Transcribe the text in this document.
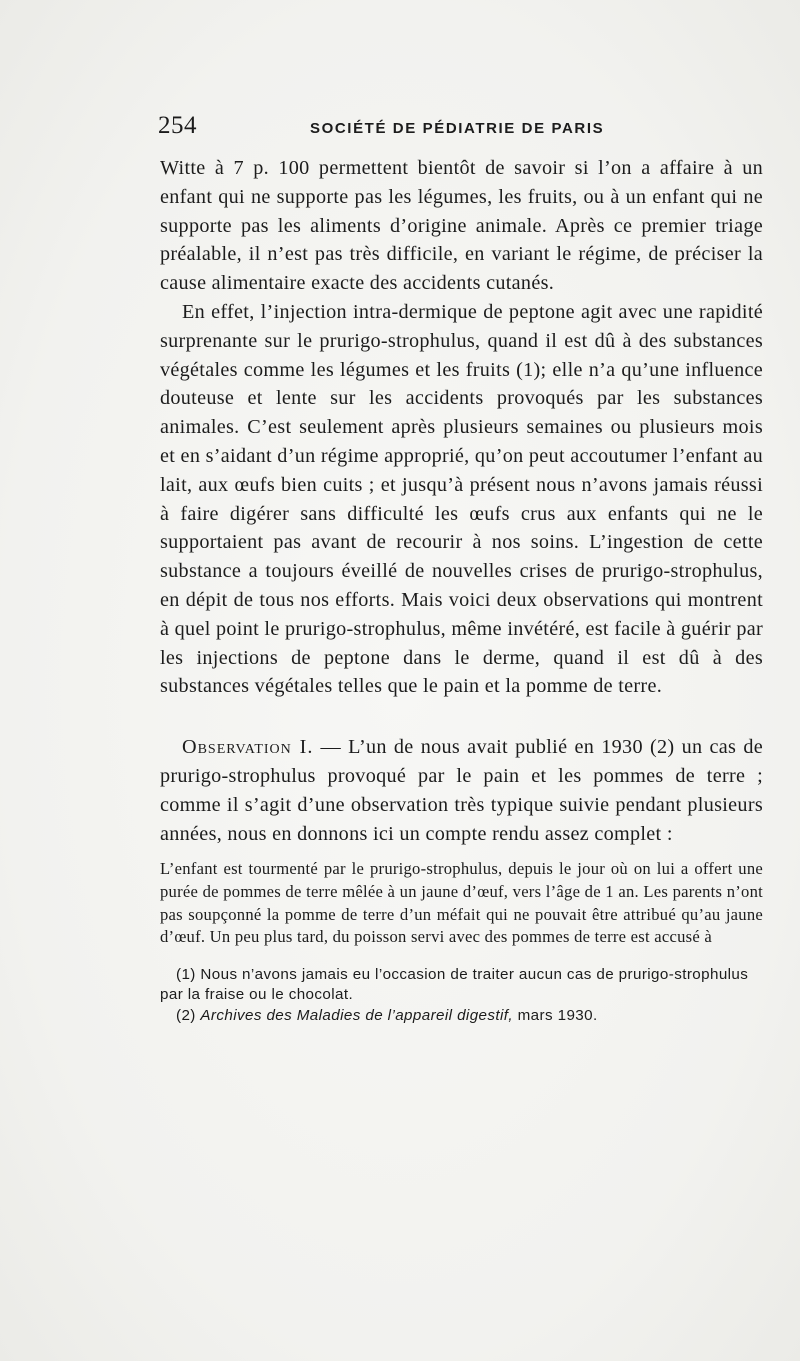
254	SOCIÉTÉ DE PÉDIATRIE DE PARIS

Witte à 7 p. 100 permettent bientôt de savoir si l’on a affaire à un enfant qui ne supporte pas les légumes, les fruits, ou à un enfant qui ne supporte pas les aliments d’origine animale. Après ce premier triage préalable, il n’est pas très difficile, en variant le régime, de préciser la cause alimentaire exacte des accidents cutanés.

En effet, l’injection intra-dermique de peptone agit avec une rapidité surprenante sur le prurigo-strophulus, quand il est dû à des substances végétales comme les légumes et les fruits (1); elle n’a qu’une influence douteuse et lente sur les accidents provoqués par les substances animales. C’est seulement après plusieurs semaines ou plusieurs mois et en s’aidant d’un régime approprié, qu’on peut accoutumer l’enfant au lait, aux œufs bien cuits ; et jusqu’à présent nous n’avons jamais réussi à faire digérer sans difficulté les œufs crus aux enfants qui ne le supportaient pas avant de recourir à nos soins. L’ingestion de cette substance a toujours éveillé de nouvelles crises de prurigo-strophulus, en dépit de tous nos efforts. Mais voici deux observations qui montrent à quel point le prurigo-strophulus, même invétéré, est facile à guérir par les injections de peptone dans le derme, quand il est dû à des substances végétales telles que le pain et la pomme de terre.

Observation I. — L’un de nous avait publié en 1930 (2) un cas de prurigo-strophulus provoqué par le pain et les pommes de terre ; comme il s’agit d’une observation très typique suivie pendant plusieurs années, nous en donnons ici un compte rendu assez complet :

L’enfant est tourmenté par le prurigo-strophulus, depuis le jour où on lui a offert une purée de pommes de terre mêlée à un jaune d’œuf, vers l’âge de 1 an. Les parents n’ont pas soupçonné la pomme de terre d’un méfait qui ne pouvait être attribué qu’au jaune d’œuf. Un peu plus tard, du poisson servi avec des pommes de terre est accusé à

(1) Nous n’avons jamais eu l’occasion de traiter aucun cas de prurigo-strophulus par la fraise ou le chocolat.

(2) Archives des Maladies de l’appareil digestif, mars 1930.
